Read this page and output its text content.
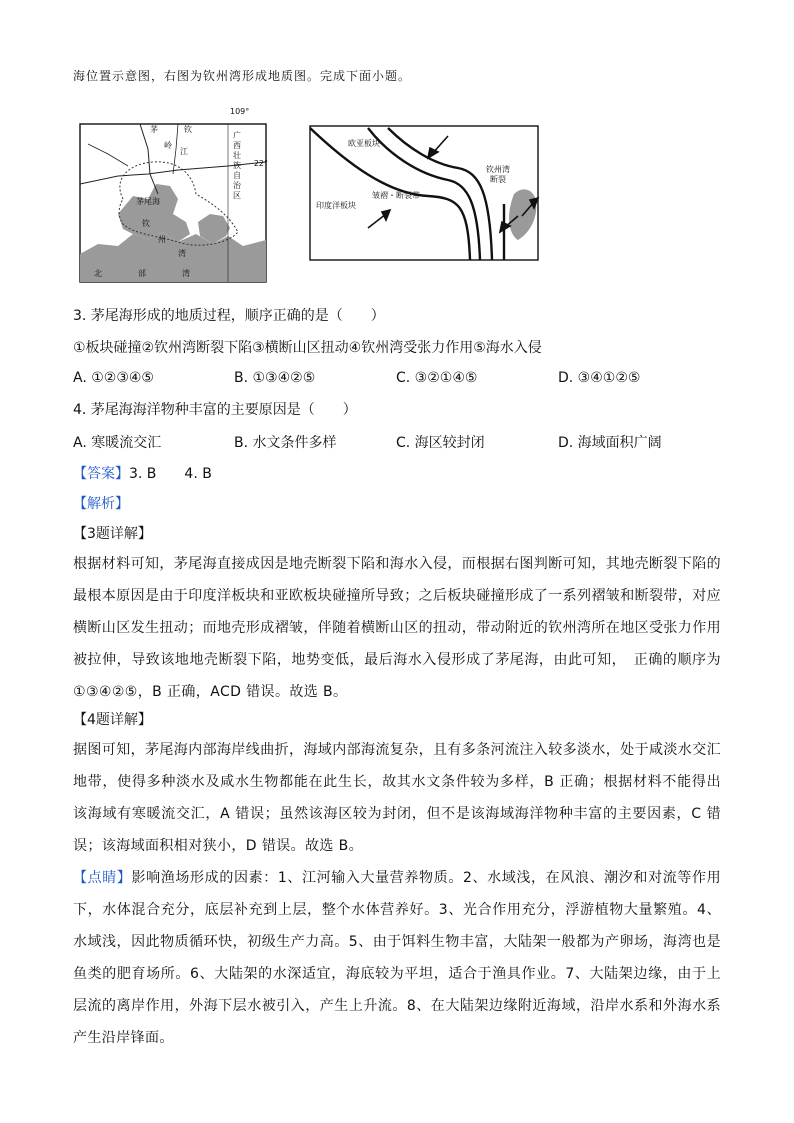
海位置示意图，右图为钦州湾形成地质图。完成下面小题。
109°
22°
广
西
壮
族
自
治
区
茅	钦
岭
江
茅尾海
钦
州
湾
北	部	湾
欧亚板块
印度洋板块
皱褶・断裂带
钦州湾
断裂
3. 茅尾海形成的地质过程，顺序正确的是（　　）
①板块碰撞②钦州湾断裂下陷③横断山区扭动④钦州湾受张力作用⑤海水入侵
A. ①②③④⑤	B. ①③④②⑤	C. ③②①④⑤	D. ③④①②⑤
4. 茅尾海海洋物种丰富的主要原因是（　　）
A. 寒暖流交汇	B. 水文条件多样	C. 海区较封闭	D. 海域面积广阔
【答案】3. B　　4. B
【解析】
【3题详解】
根据材料可知，茅尾海直接成因是地壳断裂下陷和海水入侵，而根据右图判断可知，其地壳断裂下陷的最根本原因是由于印度洋板块和亚欧板块碰撞所导致；之后板块碰撞形成了一系列褶皱和断裂带，对应横断山区发生扭动；而地壳形成褶皱，伴随着横断山区的扭动，带动附近的钦州湾所在地区受张力作用被拉伸，导致该地地壳断裂下陷，地势变低，最后海水入侵形成了茅尾海，由此可知，　正确的顺序为①③④②⑤，B 正确，ACD 错误。故选 B。
【4题详解】
据图可知，茅尾海内部海岸线曲折，海域内部海流复杂，且有多条河流注入较多淡水，处于咸淡水交汇地带，使得多种淡水及咸水生物都能在此生长，故其水文条件较为多样，B 正确；根据材料不能得出该海域有寒暖流交汇，A 错误；虽然该海区较为封闭，但不是该海域海洋物种丰富的主要因素，C 错误；该海域面积相对狭小，D 错误。故选 B。
【点睛】影响渔场形成的因素：1、江河输入大量营养物质。2、水域浅，在风浪、潮汐和对流等作用下，水体混合充分，底层补充到上层，整个水体营养好。3、光合作用充分，浮游植物大量繁殖。4、水域浅，因此物质循环快，初级生产力高。5、由于饵料生物丰富，大陆架一般都为产卵场，海湾也是鱼类的肥育场所。6、大陆架的水深适宜，海底较为平坦，适合于渔具作业。7、大陆架边缘，由于上层流的离岸作用，外海下层水被引入，产生上升流。8、在大陆架边缘附近海域，沿岸水系和外海水系产生沿岸锋面。
